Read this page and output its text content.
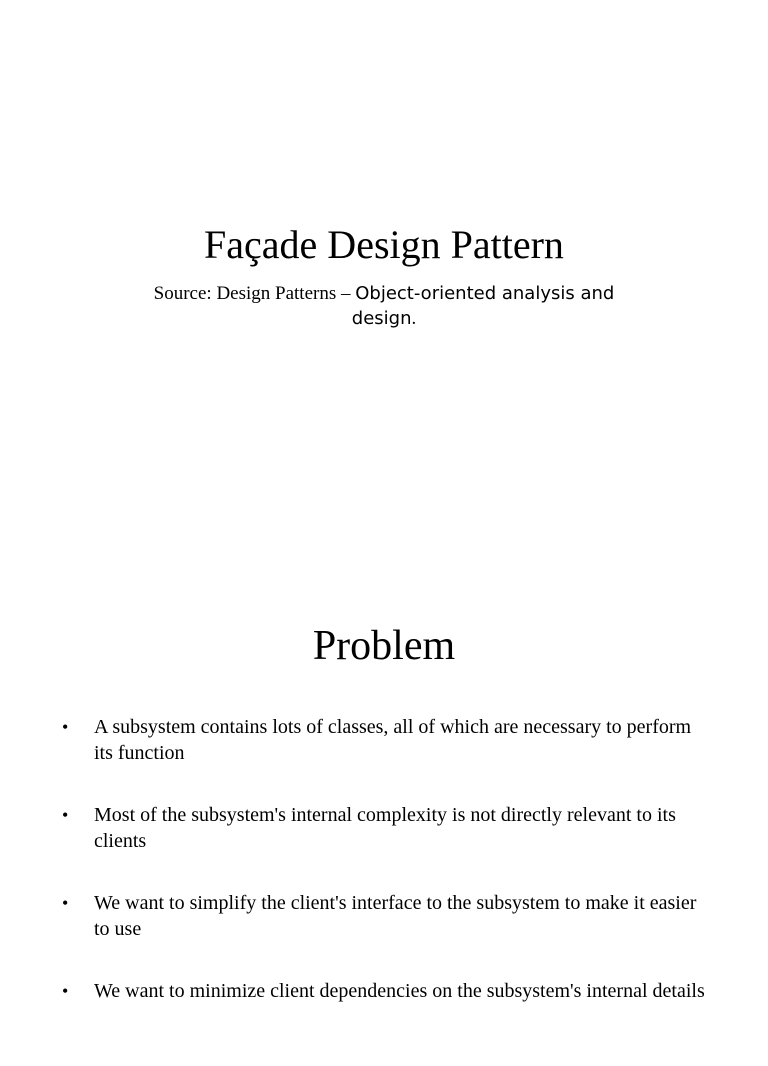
Façade Design Pattern
Source: Design Patterns – Object-oriented analysis and design.
Problem
• A subsystem contains lots of classes, all of which are necessary to perform its function
• Most of the subsystem's internal complexity is not directly relevant to its clients
• We want to simplify the client's interface to the subsystem to make it easier to use
• We want to minimize client dependencies on the subsystem's internal details
